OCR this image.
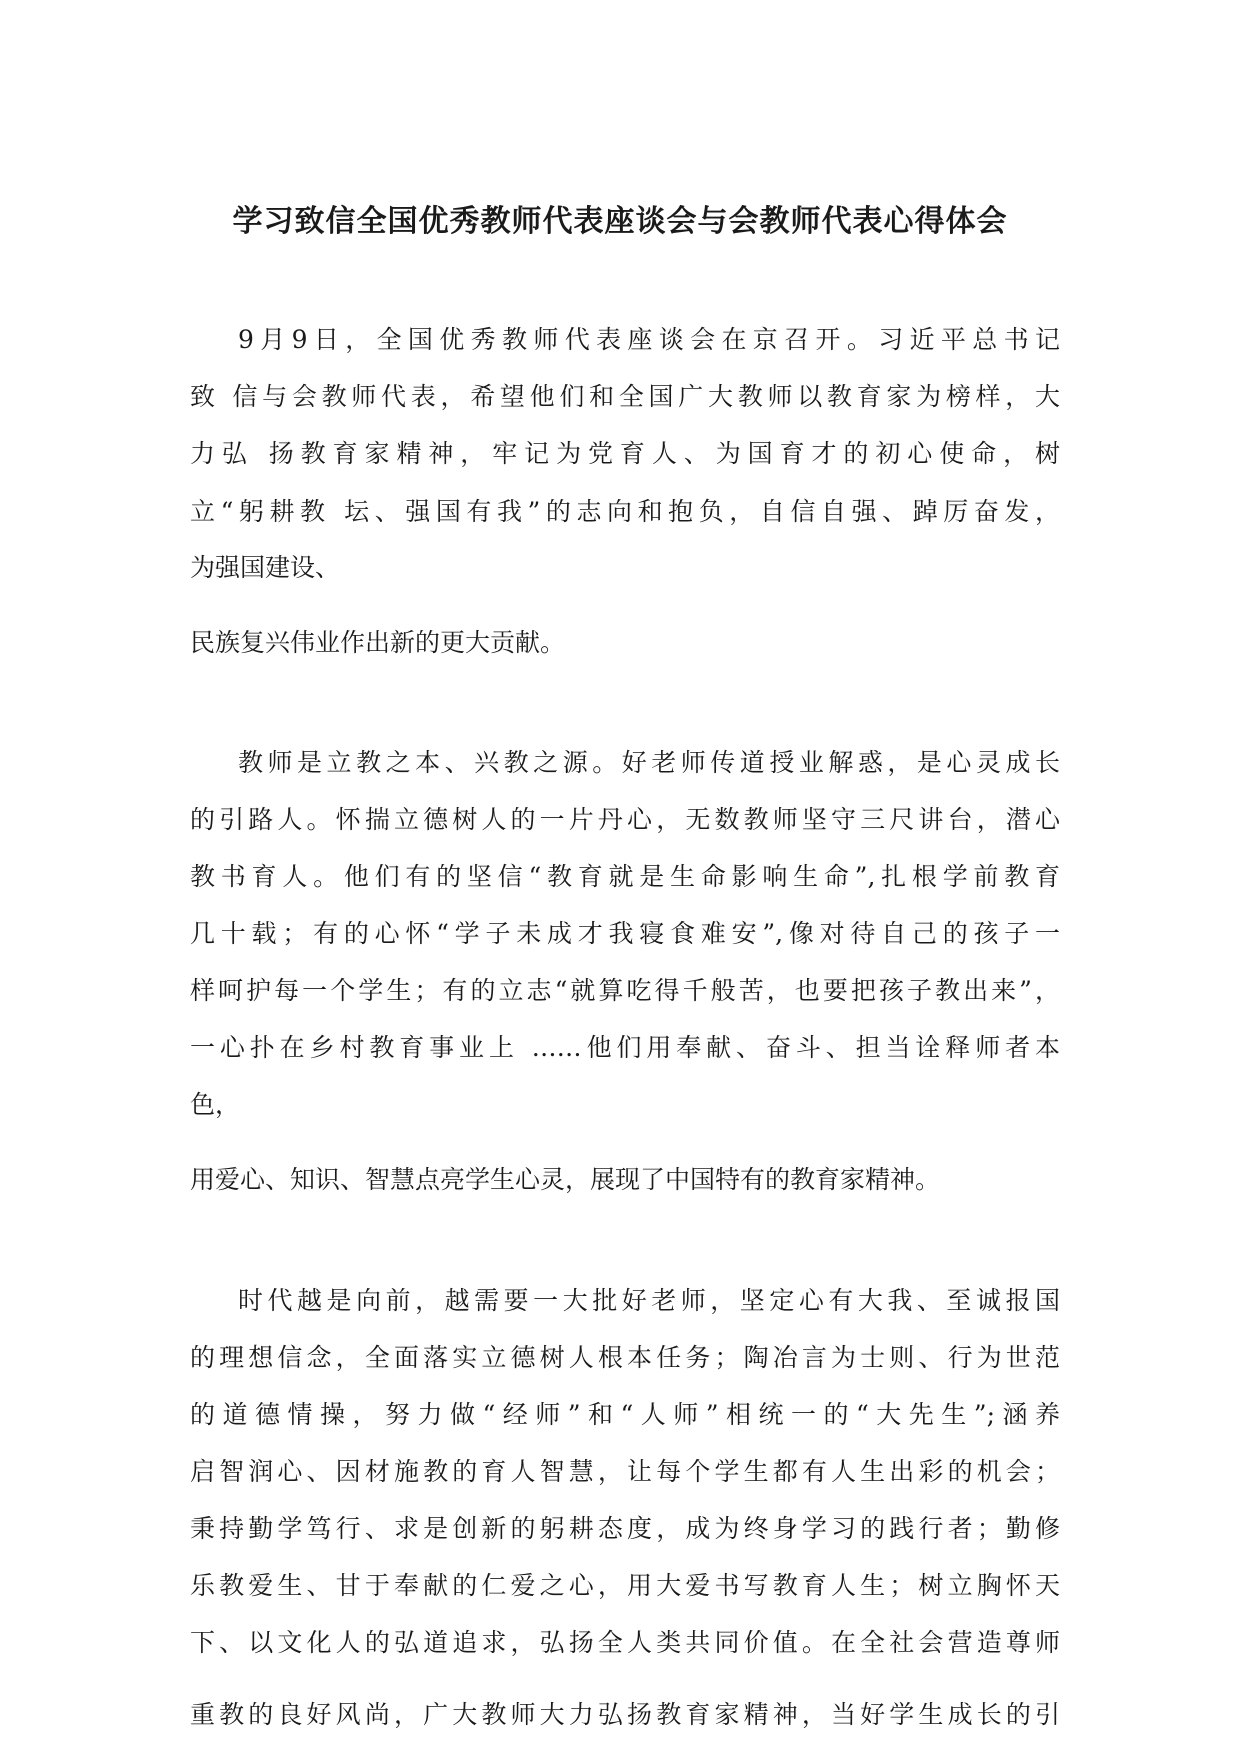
学习致信全国优秀教师代表座谈会与会教师代表心得体会
9月9日，全国优秀教师代表座谈会在京召开。习近平总书记
致 信与会教师代表，希望他们和全国广大教师以教育家为榜样，大
力弘 扬教育家精神，牢记为党育人、为国育才的初心使命，树
立“躬耕教 坛、强国有我”的志向和抱负，自信自强、踔厉奋发，
为强国建设、
民族复兴伟业作出新的更大贡献。
教师是立教之本、兴教之源。好老师传道授业解惑，是心灵成长
的引路人。怀揣立德树人的一片丹心，无数教师坚守三尺讲台，潜心
教书育人。他们有的坚信“教育就是生命影响生命”,扎根学前教育
几十载；有的心怀“学子未成才我寝食难安”,像对待自己的孩子一
样呵护每一个学生；有的立志“就算吃得千般苦，也要把孩子教出来”，
一心扑在乡村教育事业上 ……他们用奉献、奋斗、担当诠释师者本
色，
用爱心、知识、智慧点亮学生心灵，展现了中国特有的教育家精神。
时代越是向前，越需要一大批好老师，坚定心有大我、至诚报国
的理想信念，全面落实立德树人根本任务；陶冶言为士则、行为世范
的道德情操，努力做“经师”和“人师”相统一的“大先生”;涵养
启智润心、因材施教的育人智慧，让每个学生都有人生出彩的机会；
秉持勤学笃行、求是创新的躬耕态度，成为终身学习的践行者；勤修
乐教爱生、甘于奉献的仁爱之心，用大爱书写教育人生；树立胸怀天
下、以文化人的弘道追求，弘扬全人类共同价值。在全社会营造尊师
重教的良好风尚，广大教师大力弘扬教育家精神，当好学生成长的引
